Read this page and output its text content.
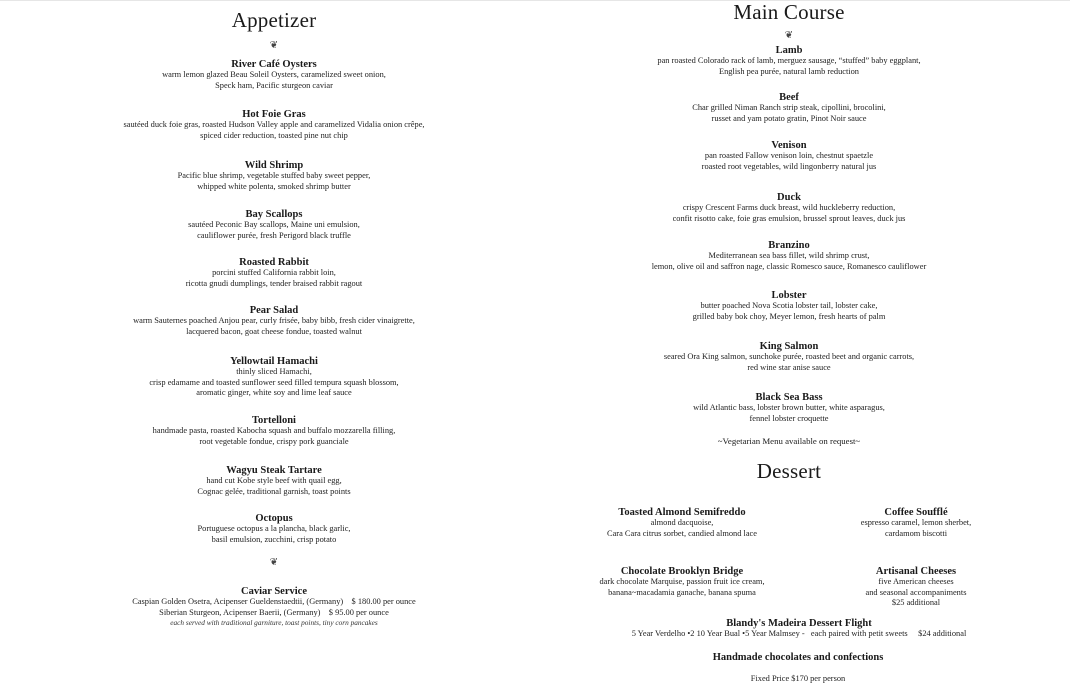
Appetizer
❦
River Café Oysters
warm lemon glazed Beau Soleil Oysters, caramelized sweet onion,
Speck ham, Pacific sturgeon caviar
Hot Foie Gras
sautéed duck foie gras, roasted Hudson Valley apple and caramelized Vidalia onion crêpe,
spiced cider reduction, toasted pine nut chip
Wild Shrimp
Pacific blue shrimp, vegetable stuffed baby sweet pepper,
whipped white polenta, smoked shrimp butter
Bay Scallops
sautéed Peconic Bay scallops, Maine uni emulsion,
cauliflower purée, fresh Perigord black truffle
Roasted Rabbit
porcini stuffed California rabbit loin,
ricotta gnudi dumplings, tender braised rabbit ragout
Pear Salad
warm Sauternes poached Anjou pear, curly frisée, baby bibb, fresh cider vinaigrette,
lacquered bacon, goat cheese fondue, toasted walnut
Yellowtail Hamachi
thinly sliced Hamachi,
crisp edamame and toasted sunflower seed filled tempura squash blossom,
aromatic ginger, white soy and lime leaf sauce
Tortelloni
handmade pasta, roasted Kabocha squash and buffalo mozzarella filling,
root vegetable fondue, crispy pork guanciale
Wagyu Steak Tartare
hand cut Kobe style beef with quail egg,
Cognac gelée, traditional garnish, toast points
Octopus
Portuguese octopus a la plancha, black garlic,
basil emulsion, zucchini, crisp potato
❦
Caviar Service
Caspian Golden Osetra, Acipenser Gueldenstaedtii, (Germany)    $ 180.00 per ounce
Siberian Sturgeon, Acipenser Baerii, (Germany)    $ 95.00 per ounce
each served with traditional garniture, toast points, tiny corn pancakes
Main Course
❦
Lamb
pan roasted Colorado rack of lamb, merguez sausage, “stuffed” baby eggplant,
English pea purée, natural lamb reduction
Beef
Char grilled Niman Ranch strip steak, cipollini, brocolini,
russet and yam potato gratin, Pinot Noir sauce
Venison
pan roasted Fallow venison loin, chestnut spaetzle
roasted root vegetables, wild lingonberry natural jus
Duck
crispy Crescent Farms duck breast, wild huckleberry reduction,
confit risotto cake, foie gras emulsion, brussel sprout leaves, duck jus
Branzino
Mediterranean sea bass fillet, wild shrimp crust,
lemon, olive oil and saffron nage, classic Romesco sauce, Romanesco cauliflower
Lobster
butter poached Nova Scotia lobster tail, lobster cake,
grilled baby bok choy, Meyer lemon, fresh hearts of palm
King Salmon
seared Ora King salmon, sunchoke purée, roasted beet and organic carrots,
red wine star anise sauce
Black Sea Bass
wild Atlantic bass, lobster brown butter, white asparagus,
fennel lobster croquette
~Vegetarian Menu available on request~
Dessert
Toasted Almond Semifreddo
almond dacquoise,
Cara Cara citrus sorbet, candied almond lace
Coffee Soufflé
espresso caramel, lemon sherbet,
cardamom biscotti
Chocolate Brooklyn Bridge
dark chocolate Marquise, passion fruit ice cream,
banana~macadamia ganache, banana spuma
Artisanal Cheeses
five American cheeses
and seasonal accompaniments
$25 additional
Blandy's Madeira Dessert Flight
5 Year Verdelho •2 10 Year Bual •5 Year Malmsey -   each paired with petit sweets     $24 additional
Handmade chocolates and confections
Fixed Price $170 per person
